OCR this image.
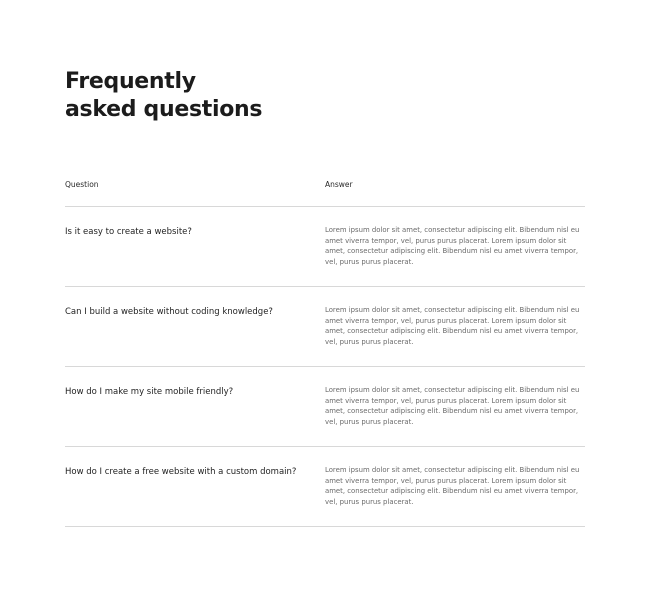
Frequently
asked questions
Question	Answer
Is it easy to create a website?	Lorem ipsum dolor sit amet, consectetur adipiscing elit. Bibendum nisl eu amet viverra tempor, vel, purus purus placerat. Lorem ipsum dolor sit amet, consectetur adipiscing elit. Bibendum nisl eu amet viverra tempor, vel, purus purus placerat.
Can I build a website without coding knowledge?	Lorem ipsum dolor sit amet, consectetur adipiscing elit. Bibendum nisl eu amet viverra tempor, vel, purus purus placerat. Lorem ipsum dolor sit amet, consectetur adipiscing elit. Bibendum nisl eu amet viverra tempor, vel, purus purus placerat.
How do I make my site mobile friendly?	Lorem ipsum dolor sit amet, consectetur adipiscing elit. Bibendum nisl eu amet viverra tempor, vel, purus purus placerat. Lorem ipsum dolor sit amet, consectetur adipiscing elit. Bibendum nisl eu amet viverra tempor, vel, purus purus placerat.
How do I create a free website with a custom domain?	Lorem ipsum dolor sit amet, consectetur adipiscing elit. Bibendum nisl eu amet viverra tempor, vel, purus purus placerat. Lorem ipsum dolor sit amet, consectetur adipiscing elit. Bibendum nisl eu amet viverra tempor, vel, purus purus placerat.
